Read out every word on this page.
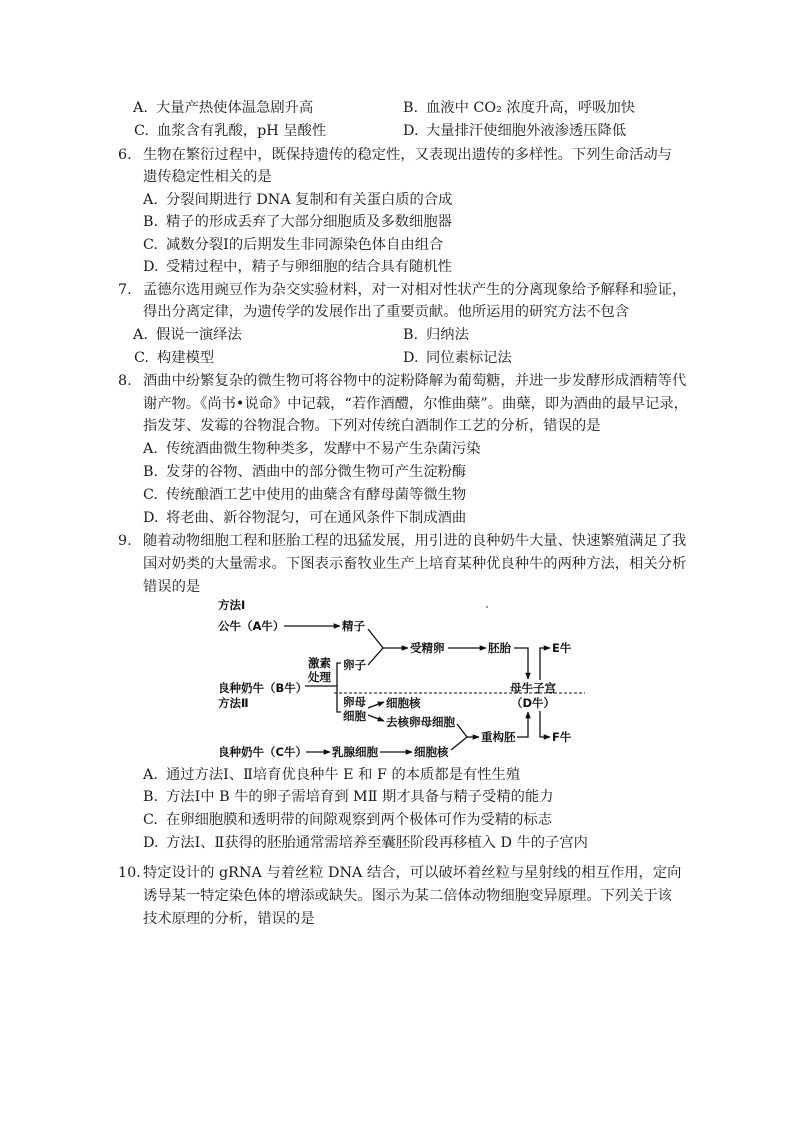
A. 大量产热使体温急剧升高	B. 血液中 CO₂ 浓度升高，呼吸加快
C. 血浆含有乳酸，pH 呈酸性	D. 大量排汗使细胞外液渗透压降低
6. 生物在繁衍过程中，既保持遗传的稳定性，又表现出遗传的多样性。下列生命活动与
遗传稳定性相关的是
A. 分裂间期进行 DNA 复制和有关蛋白质的合成
B. 精子的形成丢弃了大部分细胞质及多数细胞器
C. 减数分裂Ⅰ的后期发生非同源染色体自由组合
D. 受精过程中，精子与卵细胞的结合具有随机性
7. 孟德尔选用豌豆作为杂交实验材料，对一对相对性状产生的分离现象给予解释和验证，
得出分离定律，为遗传学的发展作出了重要贡献。他所运用的研究方法不包含
A. 假说一演绎法	B. 归纳法
C. 构建模型	D. 同位素标记法
8. 酒曲中纷繁复杂的微生物可将谷物中的淀粉降解为葡萄糖，并进一步发酵形成酒精等代
谢产物。《尚书•说命》中记载，“若作酒醴，尔惟曲蘖”。曲蘖，即为酒曲的最早记录，
指发芽、发霉的谷物混合物。下列对传统白酒制作工艺的分析，错误的是
A. 传统酒曲微生物种类多，发酵中不易产生杂菌污染
B. 发芽的谷物、酒曲中的部分微生物可产生淀粉酶
C. 传统酿酒工艺中使用的曲蘖含有酵母菌等微生物
D. 将老曲、新谷物混匀，可在通风条件下制成酒曲
9. 随着动物细胞工程和胚胎工程的迅猛发展，用引进的良种奶牛大量、快速繁殖满足了我
国对奶类的大量需求。下图表示畜牧业生产上培育某种优良种牛的两种方法，相关分析
错误的是
方法Ⅰ
公牛（A牛）	精子
受精卵	胚胎	E牛
激素
处理
良种奶牛（B牛）
卵子
母牛子宫
（D牛）
方法Ⅱ	卵母
细胞
细胞核
去核卵母细胞
重构胚	F牛
良种奶牛（C牛） 乳腺细胞	细胞核
A. 通过方法Ⅰ、Ⅱ培育优良种牛 E 和 F 的本质都是有性生殖
B. 方法Ⅰ中 B 牛的卵子需培育到 MⅡ 期才具备与精子受精的能力
C. 在卵细胞膜和透明带的间隙观察到两个极体可作为受精的标志
D. 方法Ⅰ、Ⅱ获得的胚胎通常需培养至囊胚阶段再移植入 D 牛的子宫内
10. 特定设计的 gRNA 与着丝粒 DNA 结合，可以破坏着丝粒与星射线的相互作用，定向
诱导某一特定染色体的增添或缺失。图示为某二倍体动物细胞变异原理。下列关于该
技术原理的分析，错误的是
